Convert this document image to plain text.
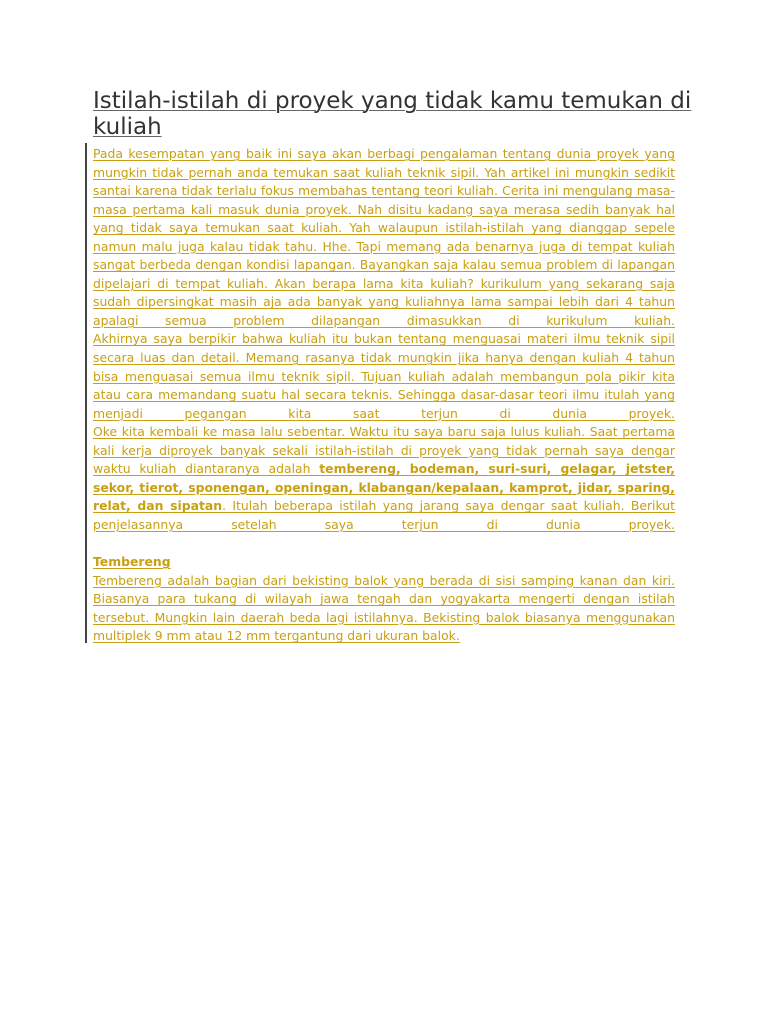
Istilah-istilah di proyek yang tidak kamu temukan di kuliah

Pada kesempatan yang baik ini saya akan berbagi pengalaman tentang dunia proyek yang mungkin tidak pernah anda temukan saat kuliah teknik sipil. Yah artikel ini mungkin sedikit santai karena tidak terlalu fokus membahas tentang teori kuliah. Cerita ini mengulang masa-masa pertama kali masuk dunia proyek. Nah disitu kadang saya merasa sedih banyak hal yang tidak saya temukan saat kuliah. Yah walaupun istilah-istilah yang dianggap sepele namun malu juga kalau tidak tahu. Hhe. Tapi memang ada benarnya juga di tempat kuliah sangat berbeda dengan kondisi lapangan. Bayangkan saja kalau semua problem di lapangan dipelajari di tempat kuliah. Akan berapa lama kita kuliah? kurikulum yang sekarang saja sudah dipersingkat masih aja ada banyak yang kuliahnya lama sampai lebih dari 4 tahun apalagi semua problem dilapangan dimasukkan di kurikulum kuliah.

Akhirnya saya berpikir bahwa kuliah itu bukan tentang menguasai materi ilmu teknik sipil secara luas dan detail. Memang rasanya tidak mungkin jika hanya dengan kuliah 4 tahun bisa menguasai semua ilmu teknik sipil. Tujuan kuliah adalah membangun pola pikir kita atau cara memandang suatu hal secara teknis. Sehingga dasar-dasar teori ilmu itulah yang menjadi pegangan kita saat terjun di dunia proyek.

Oke kita kembali ke masa lalu sebentar. Waktu itu saya baru saja lulus kuliah. Saat pertama kali kerja diproyek banyak sekali istilah-istilah di proyek yang tidak pernah saya dengar waktu kuliah diantaranya adalah tembereng, bodeman, suri-suri, gelagar, jetster, sekor, tierot, sponengan, openingan, klabangan/kepalaan, kamprot, jidar, sparing, relat, dan sipatan. Itulah beberapa istilah yang jarang saya dengar saat kuliah. Berikut penjelasannya setelah saya terjun di dunia proyek.

Tembereng

Tembereng adalah bagian dari bekisting balok yang berada di sisi samping kanan dan kiri. Biasanya para tukang di wilayah jawa tengah dan yogyakarta mengerti dengan istilah tersebut. Mungkin lain daerah beda lagi istilahnya. Bekisting balok biasanya menggunakan multiplek 9 mm atau 12 mm tergantung dari ukuran balok.
